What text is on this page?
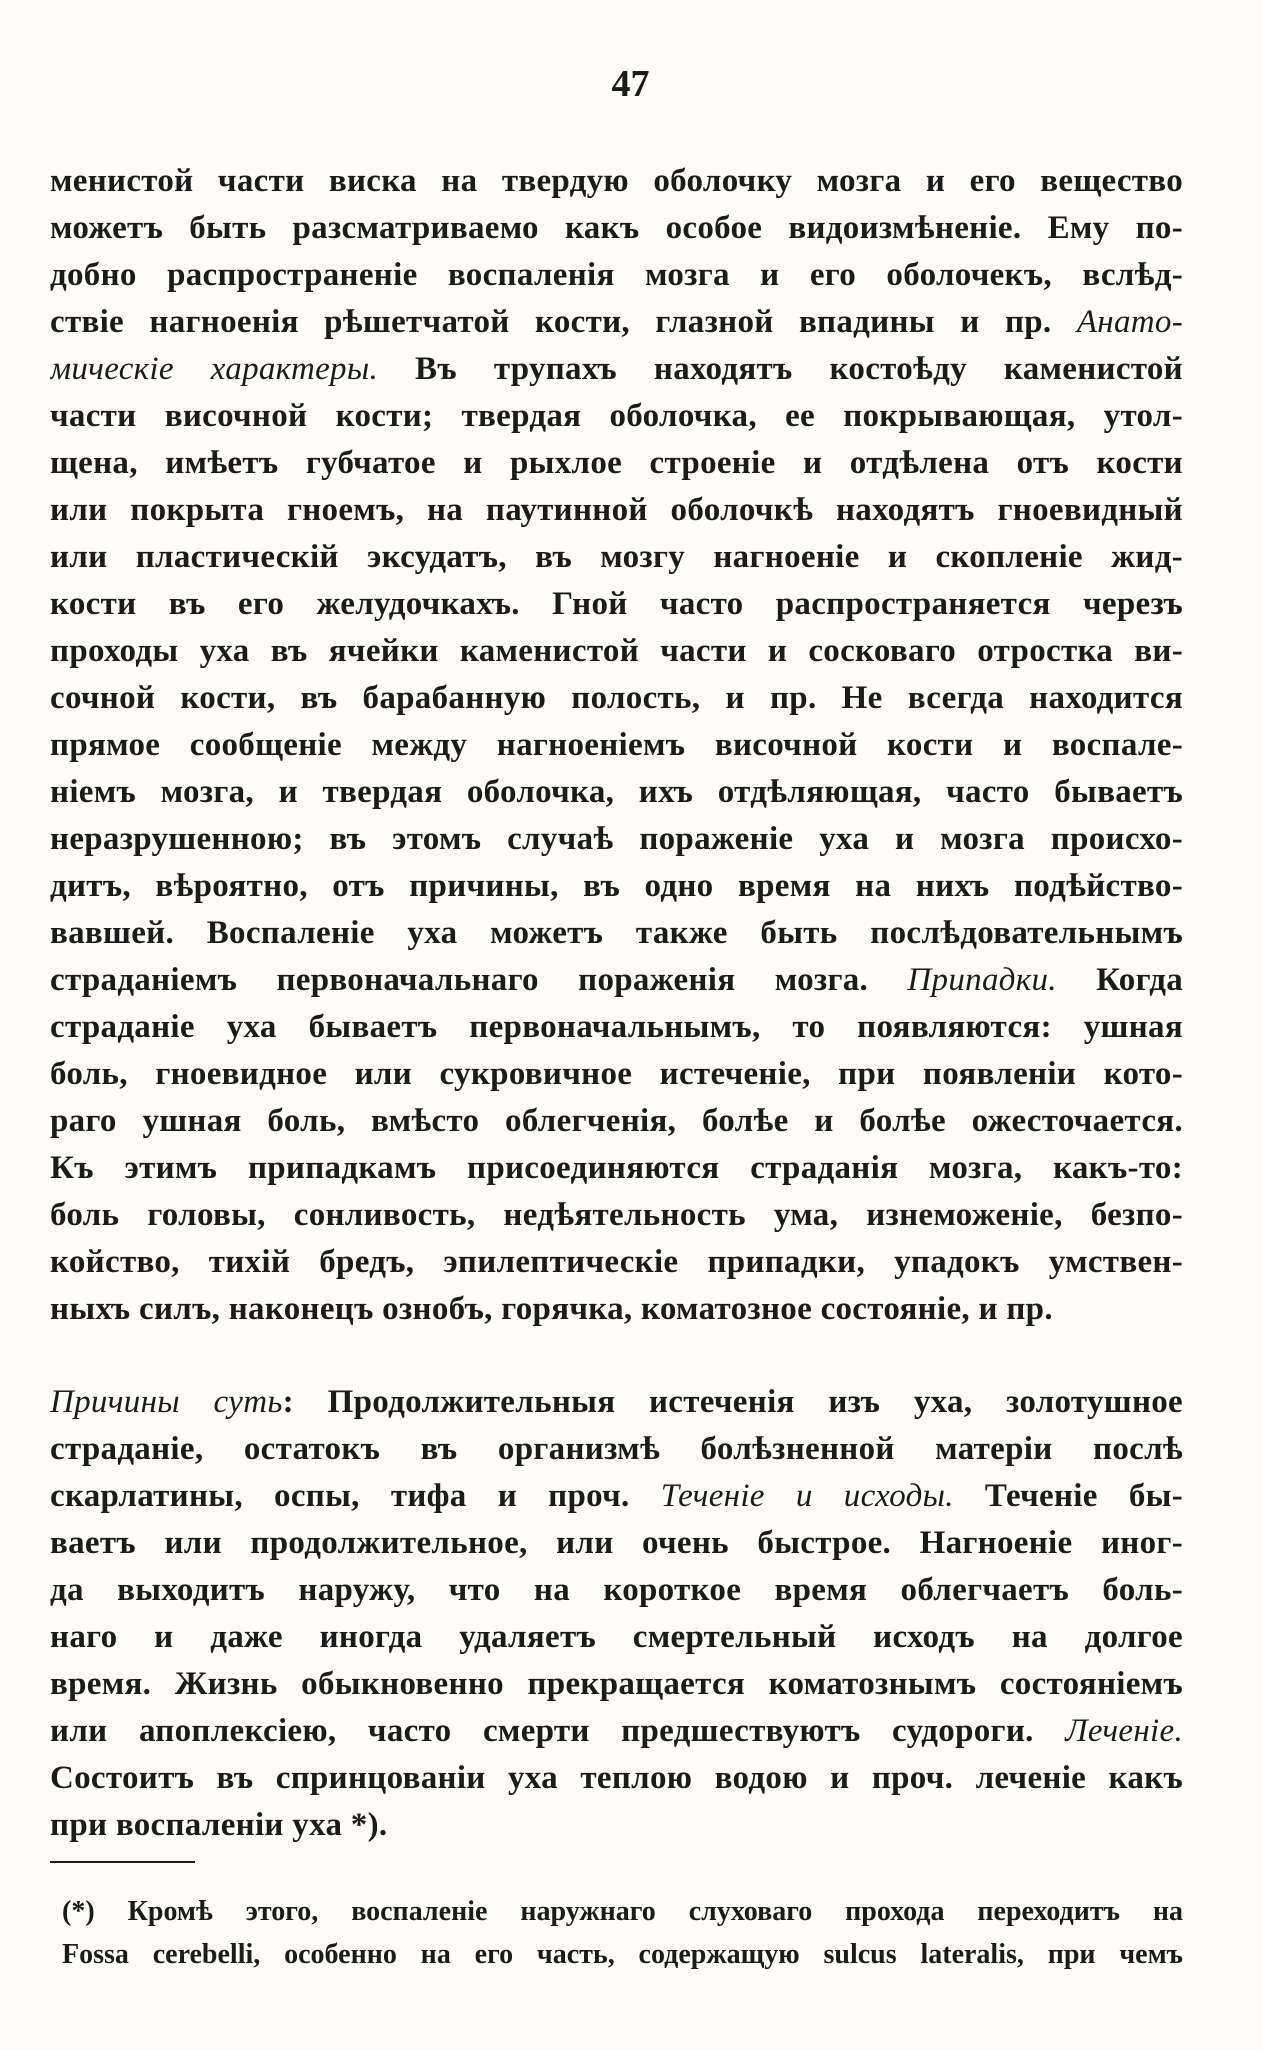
47
менистой части виска на твердую оболочку мозга и его вещество
можетъ быть разсматриваемо какъ особое видоизмѣненіе. Ему по-
добно распространеніе воспаленія мозга и его оболочекъ, вслѣд-
ствіе нагноенія рѣшетчатой кости, глазной впадины и пр. Анато-
мическіе характеры. Въ трупахъ находятъ костоѣду каменистой
части височной кости; твердая оболочка, ее покрывающая, утол-
щена, имѣетъ губчатое и рыхлое строеніе и отдѣлена отъ кости
или покрыта гноемъ, на паутинной оболочкѣ находятъ гноевидный
или пластическій эксудатъ, въ мозгу нагноеніе и скопленіе жид-
кости въ его желудочкахъ. Гной часто распространяется черезъ
проходы уха въ ячейки каменистой части и сосковаго отростка ви-
сочной кости, въ барабанную полость, и пр. Не всегда находится
прямое сообщеніе между нагноеніемъ височной кости и воспале-
ніемъ мозга, и твердая оболочка, ихъ отдѣляющая, часто бываетъ
неразрушенною; въ этомъ случаѣ пораженіе уха и мозга происхо-
дитъ, вѣроятно, отъ причины, въ одно время на нихъ подѣйство-
вавшей. Воспаленіе уха можетъ также быть послѣдовательнымъ
страданіемъ первоначальнаго пораженія мозга. Припадки. Когда
страданіе уха бываетъ первоначальнымъ, то появляются: ушная
боль, гноевидное или сукровичное истеченіе, при появленіи кото-
раго ушная боль, вмѣсто облегченія, болѣе и болѣе ожесточается.
Къ этимъ припадкамъ присоединяются страданія мозга, какъ-то:
боль головы, сонливость, недѣятельность ума, изнеможеніе, безпо-
койство, тихій бредъ, эпилептическіе припадки, упадокъ умствен-
ныхъ силъ, наконецъ ознобъ, горячка, коматозное состояніе, и пр.
Причины суть: Продолжительныя истеченія изъ уха, золотушное
страданіе, остатокъ въ организмѣ болѣзненной матеріи послѣ
скарлатины, оспы, тифа и проч. Теченіе и исходы. Теченіе бы-
ваетъ или продолжительное, или очень быстрое. Нагноеніе иног-
да выходитъ наружу, что на короткое время облегчаетъ боль-
наго и даже иногда удаляетъ смертельный исходъ на долгое
время. Жизнь обыкновенно прекращается коматознымъ состояніемъ
или апоплексіею, часто смерти предшествуютъ судороги. Леченіе.
Состоитъ въ спринцованіи уха теплою водою и проч. леченіе какъ
при воспаленіи уха *).
(*) Кромѣ этого, воспаленіе наружнаго слуховаго прохода переходитъ на
Fossa cerebelli, особенно на его часть, содержащую sulcus lateralis, при чемъ
